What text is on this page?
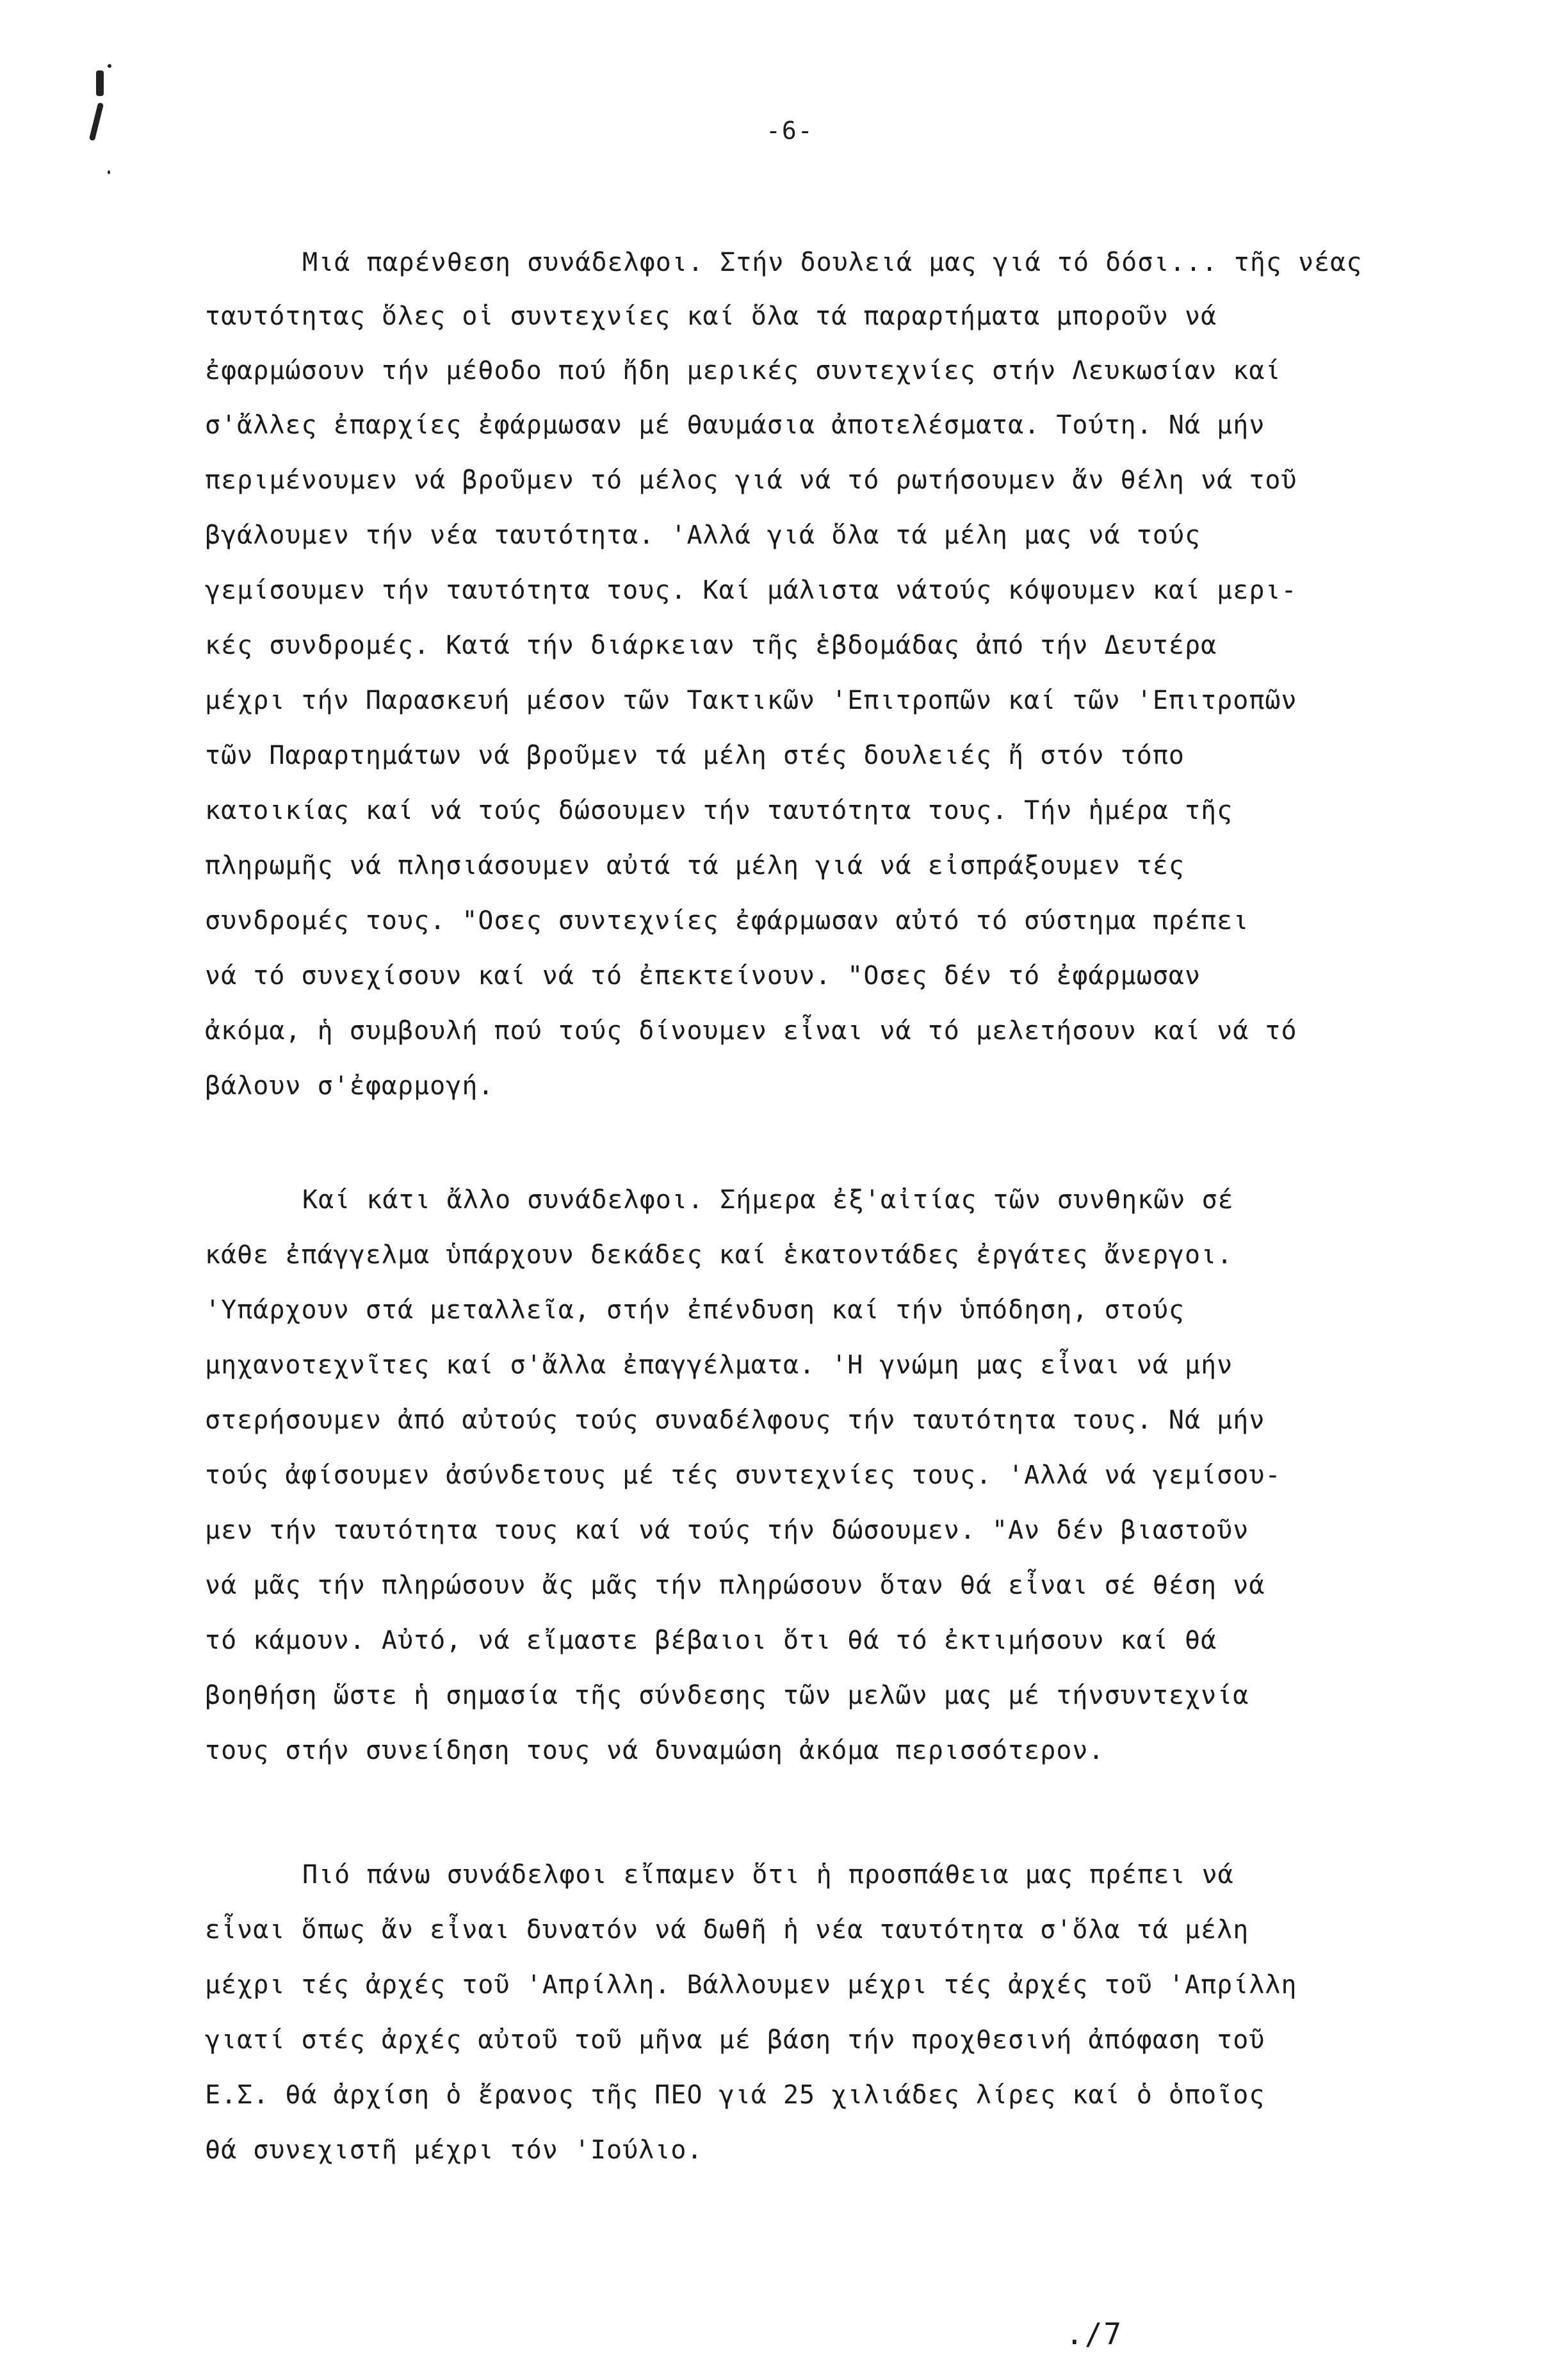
-6-
Μιά παρένθεση συνάδελφοι. Στήν δουλειά μας γιά τό δόσι... τῆς νέας
ταυτότητας ὅλες οἱ συντεχνίες καί ὅλα τά παραρτήματα μποροῦν νά
ἐφαρμώσουν τήν μέθοδο πού ἤδη μερικές συντεχνίες στήν Λευκωσίαν καί
σ'ἄλλες ἐπαρχίες ἐφάρμωσαν μέ θαυμάσια ἀποτελέσματα. Τούτη. Νά μήν
περιμένουμεν νά βροῦμεν τό μέλος γιά νά τό ρωτήσουμεν ἄν θέλη νά τοῦ
βγάλουμεν τήν νέα ταυτότητα. 'Αλλά γιά ὅλα τά μέλη μας νά τούς
γεμίσουμεν τήν ταυτότητα τους. Καί μάλιστα νάτούς κόψουμεν καί μερι-
κές συνδρομές. Κατά τήν διάρκειαν τῆς ἑβδομάδας ἀπό τήν Δευτέρα
μέχρι τήν Παρασκευή μέσον τῶν Τακτικῶν 'Επιτροπῶν καί τῶν 'Επιτροπῶν
τῶν Παραρτημάτων νά βροῦμεν τά μέλη στές δουλειές ἤ στόν τόπο
κατοικίας καί νά τούς δώσουμεν τήν ταυτότητα τους. Τήν ἡμέρα τῆς
πληρωμῆς νά πλησιάσουμεν αὐτά τά μέλη γιά νά εἰσπράξουμεν τές
συνδρομές τους. "Οσες συντεχνίες ἐφάρμωσαν αὐτό τό σύστημα πρέπει
νά τό συνεχίσουν καί νά τό ἐπεκτείνουν. "Οσες δέν τό ἐφάρμωσαν
ἀκόμα, ἡ συμβουλή πού τούς δίνουμεν εἶναι νά τό μελετήσουν καί νά τό
βάλουν σ'ἐφαρμογή.
Καί κάτι ἄλλο συνάδελφοι. Σήμερα ἐξ'αἰτίας τῶν συνθηκῶν σέ
κάθε ἐπάγγελμα ὑπάρχουν δεκάδες καί ἑκατοντάδες ἐργάτες ἄνεργοι.
'Υπάρχουν στά μεταλλεῖα, στήν ἐπένδυση καί τήν ὑπόδηση, στούς
μηχανοτεχνῖτες καί σ'ἄλλα ἐπαγγέλματα. 'Η γνώμη μας εἶναι νά μήν
στερήσουμεν ἀπό αὐτούς τούς συναδέλφους τήν ταυτότητα τους. Νά μήν
τούς ἀφίσουμεν ἀσύνδετους μέ τές συντεχνίες τους. 'Αλλά νά γεμίσου-
μεν τήν ταυτότητα τους καί νά τούς τήν δώσουμεν. "Αν δέν βιαστοῦν
νά μᾶς τήν πληρώσουν ἄς μᾶς τήν πληρώσουν ὅταν θά εἶναι σέ θέση νά
τό κάμουν. Αὐτό, νά εἴμαστε βέβαιοι ὅτι θά τό ἐκτιμήσουν καί θά
βοηθήση ὥστε ἡ σημασία τῆς σύνδεσης τῶν μελῶν μας μέ τήνσυντεχνία
τους στήν συνείδηση τους νά δυναμώση ἀκόμα περισσότερον.
Πιό πάνω συνάδελφοι εἴπαμεν ὅτι ἡ προσπάθεια μας πρέπει νά
εἶναι ὅπως ἄν εἶναι δυνατόν νά δωθῆ ἡ νέα ταυτότητα σ'ὅλα τά μέλη
μέχρι τές ἀρχές τοῦ 'Απρίλλη. Βάλλουμεν μέχρι τές ἀρχές τοῦ 'Απρίλλη
γιατί στές ἀρχές αὐτοῦ τοῦ μῆνα μέ βάση τήν προχθεσινή ἀπόφαση τοῦ
Ε.Σ. θά ἀρχίση ὁ ἔρανος τῆς ΠΕΟ γιά 25 χιλιάδες λίρες καί ὁ ὁποῖος
θά συνεχιστῆ μέχρι τόν 'Ιούλιο.
./7
